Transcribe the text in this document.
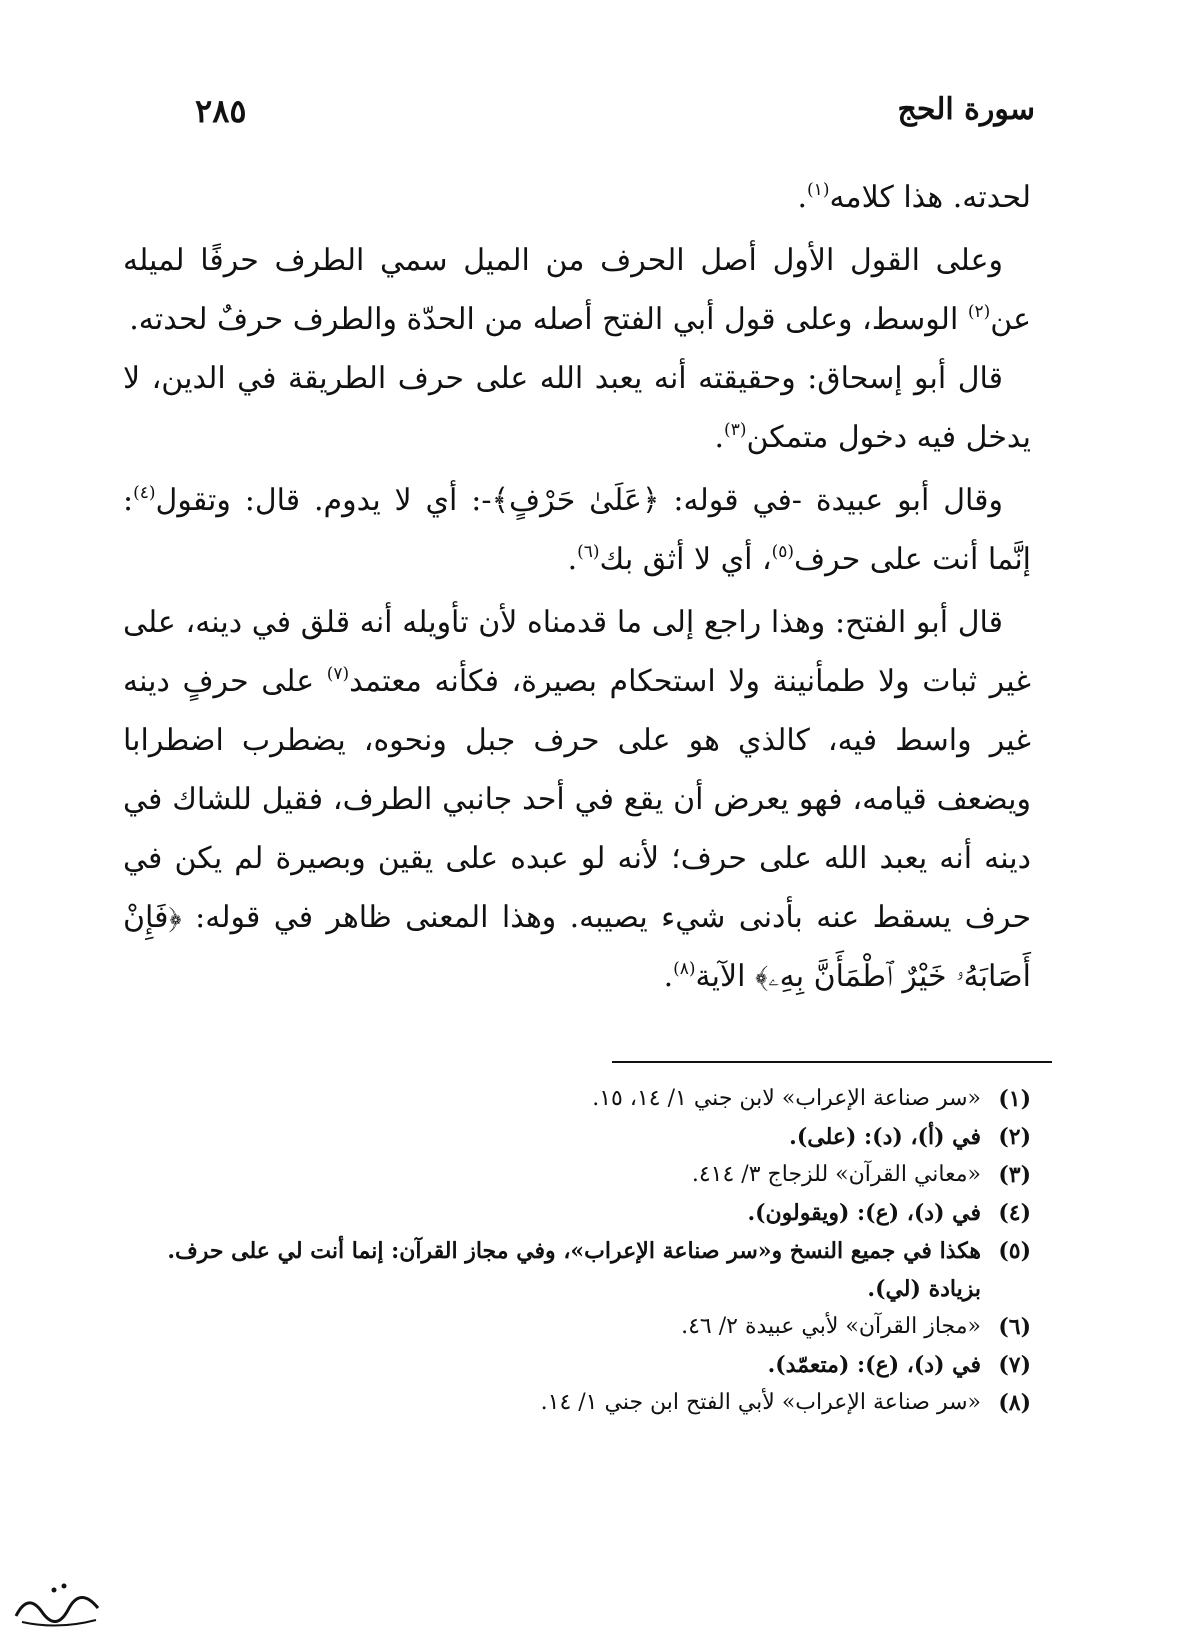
سورة الحج
٢٨٥

لحدته. هذا كلامه$^{(١)}$.

وعلى القول الأول أصل الحرف من الميل سمي الطرف حرفًا لميله عن$^{(٢)}$ الوسط، وعلى قول أبي الفتح أصله من الحدّة والطرف حرفٌ لحدته.

قال أبو إسحاق: وحقيقته أنه يعبد الله على حرف الطريقة في الدين، لا يدخل فيه دخول متمكن$^{(٣)}$.

وقال أبو عبيدة -في قوله: ﴿عَلَىٰ حَرْفٍ﴾-: أي لا يدوم. قال: وتقول$^{(٤)}$: إنَّما أنت على حرف$^{(٥)}$، أي لا أثق بك$^{(٦)}$.

قال أبو الفتح: وهذا راجع إلى ما قدمناه لأن تأويله أنه قلق في دينه، على غير ثبات ولا طمأنينة ولا استحكام بصيرة، فكأنه معتمد$^{(٧)}$ على حرفٍ دينه غير واسط فيه، كالذي هو على حرف جبل ونحوه، يضطرب اضطرابا ويضعف قيامه، فهو يعرض أن يقع في أحد جانبي الطرف، فقيل للشاك في دينه أنه يعبد الله على حرف؛ لأنه لو عبده على يقين وبصيرة لم يكن في حرف يسقط عنه بأدنى شيء يصيبه. وهذا المعنى ظاهر في قوله: ﴿فَإِنْ أَصَابَهُۥ خَيْرٌ ٱطْمَأَنَّ بِهِۦ﴾ الآية$^{(٨)}$.

(١)
«سر صناعة الإعراب» لابن جني ١/ ١٤، ١٥.
(٢)
في (أ)، (د): (على).
(٣)
«معاني القرآن» للزجاج ٣/ ٤١٤.
(٤)
في (د)، (ع): (ويقولون).
(٥)
هكذا في جميع النسخ و«سر صناعة الإعراب»، وفي مجاز القرآن: إنما أنت لي على حرف. بزيادة (لي).
(٦)
«مجاز القرآن» لأبي عبيدة ٢/ ٤٦.
(٧)
في (د)، (ع): (متعمّد).
(٨)
«سر صناعة الإعراب» لأبي الفتح ابن جني ١/ ١٤.
